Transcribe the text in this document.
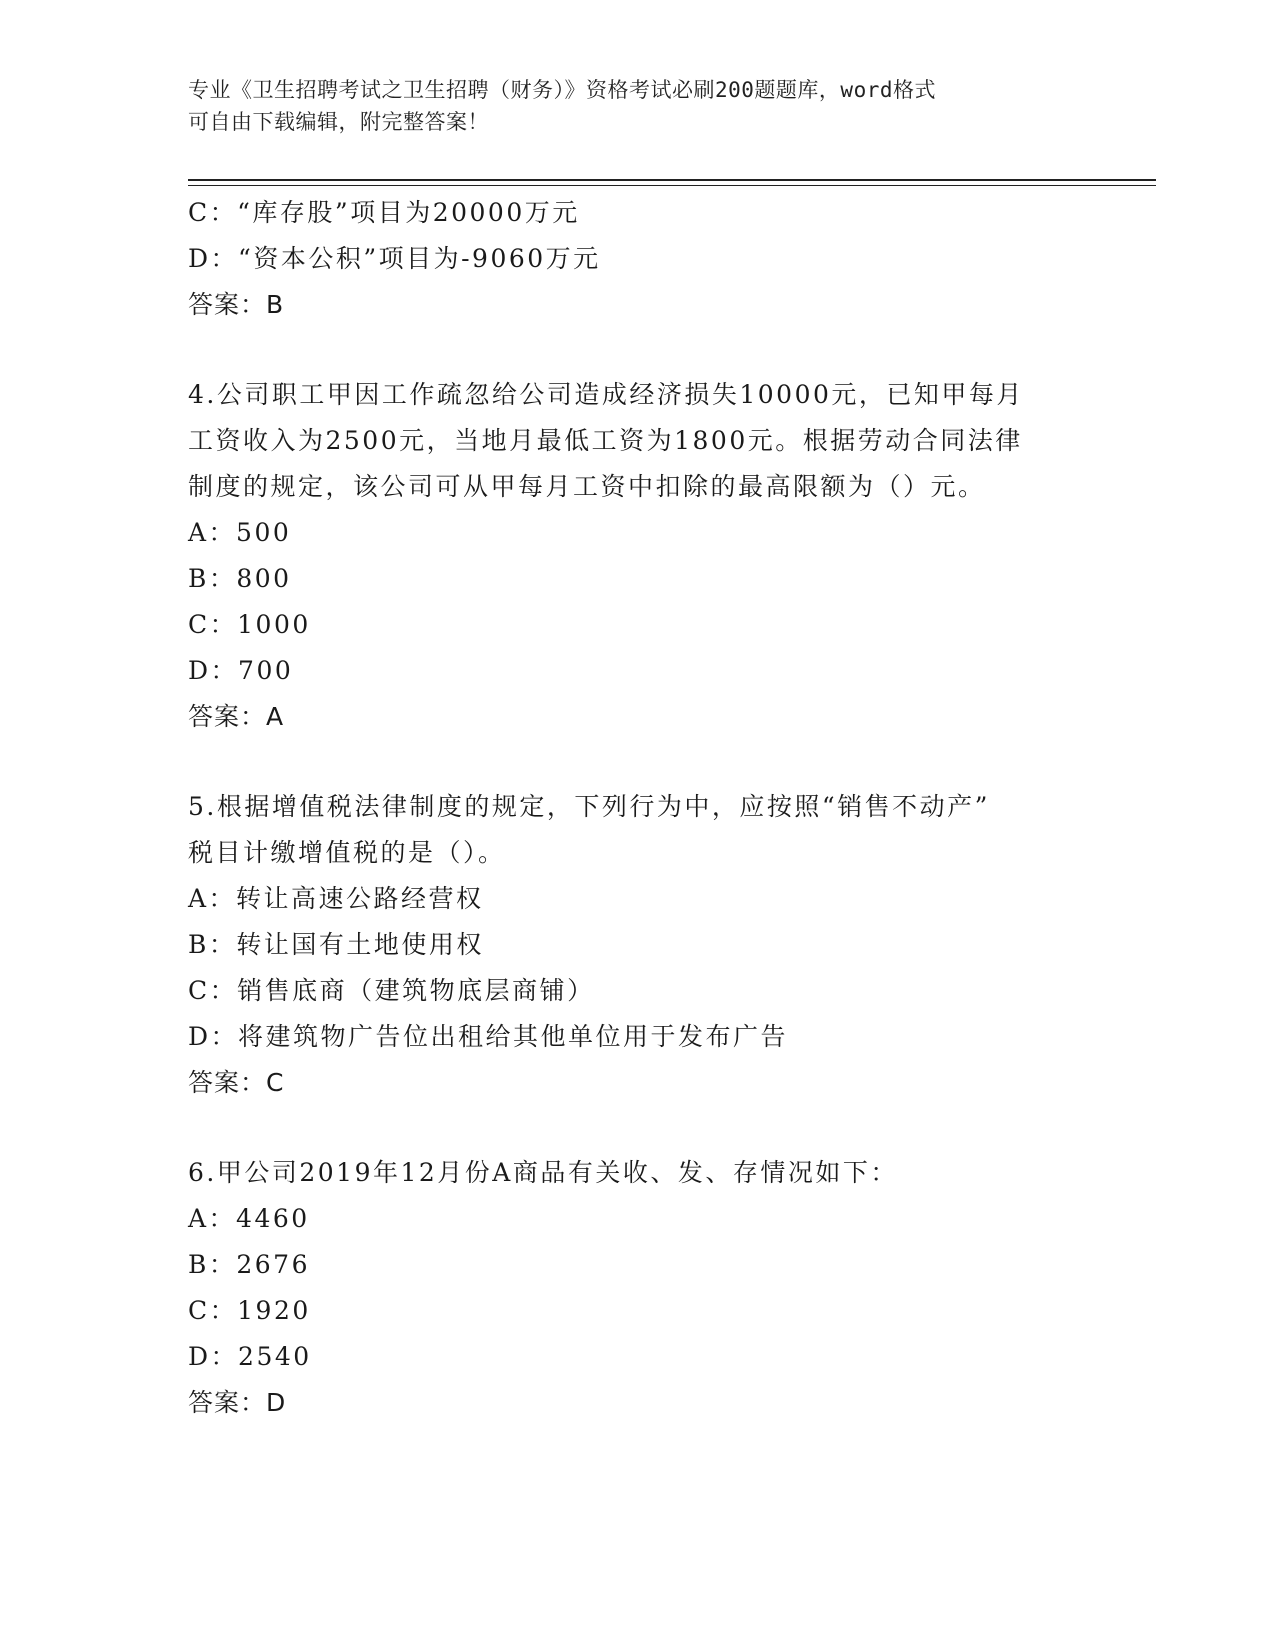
专业《卫生招聘考试之卫生招聘（财务）》资格考试必刷200题题库，word格式
可自由下载编辑，附完整答案！
C：“库存股”项目为20000万元
D：“资本公积”项目为-9060万元
答案：B
4.公司职工甲因工作疏忽给公司造成经济损失10000元，已知甲每月
工资收入为2500元，当地月最低工资为1800元。根据劳动合同法律
制度的规定，该公司可从甲每月工资中扣除的最高限额为（）元。
A：500
B：800
C：1000
D：700
答案：A
5.根据增值税法律制度的规定，下列行为中，应按照“销售不动产”
税目计缴增值税的是（）。
A：转让高速公路经营权
B：转让国有土地使用权
C：销售底商（建筑物底层商铺）
D：将建筑物广告位出租给其他单位用于发布广告
答案：C
6.甲公司2019年12月份A商品有关收、发、存情况如下：
A：4460
B：2676
C：1920
D：2540
答案：D
